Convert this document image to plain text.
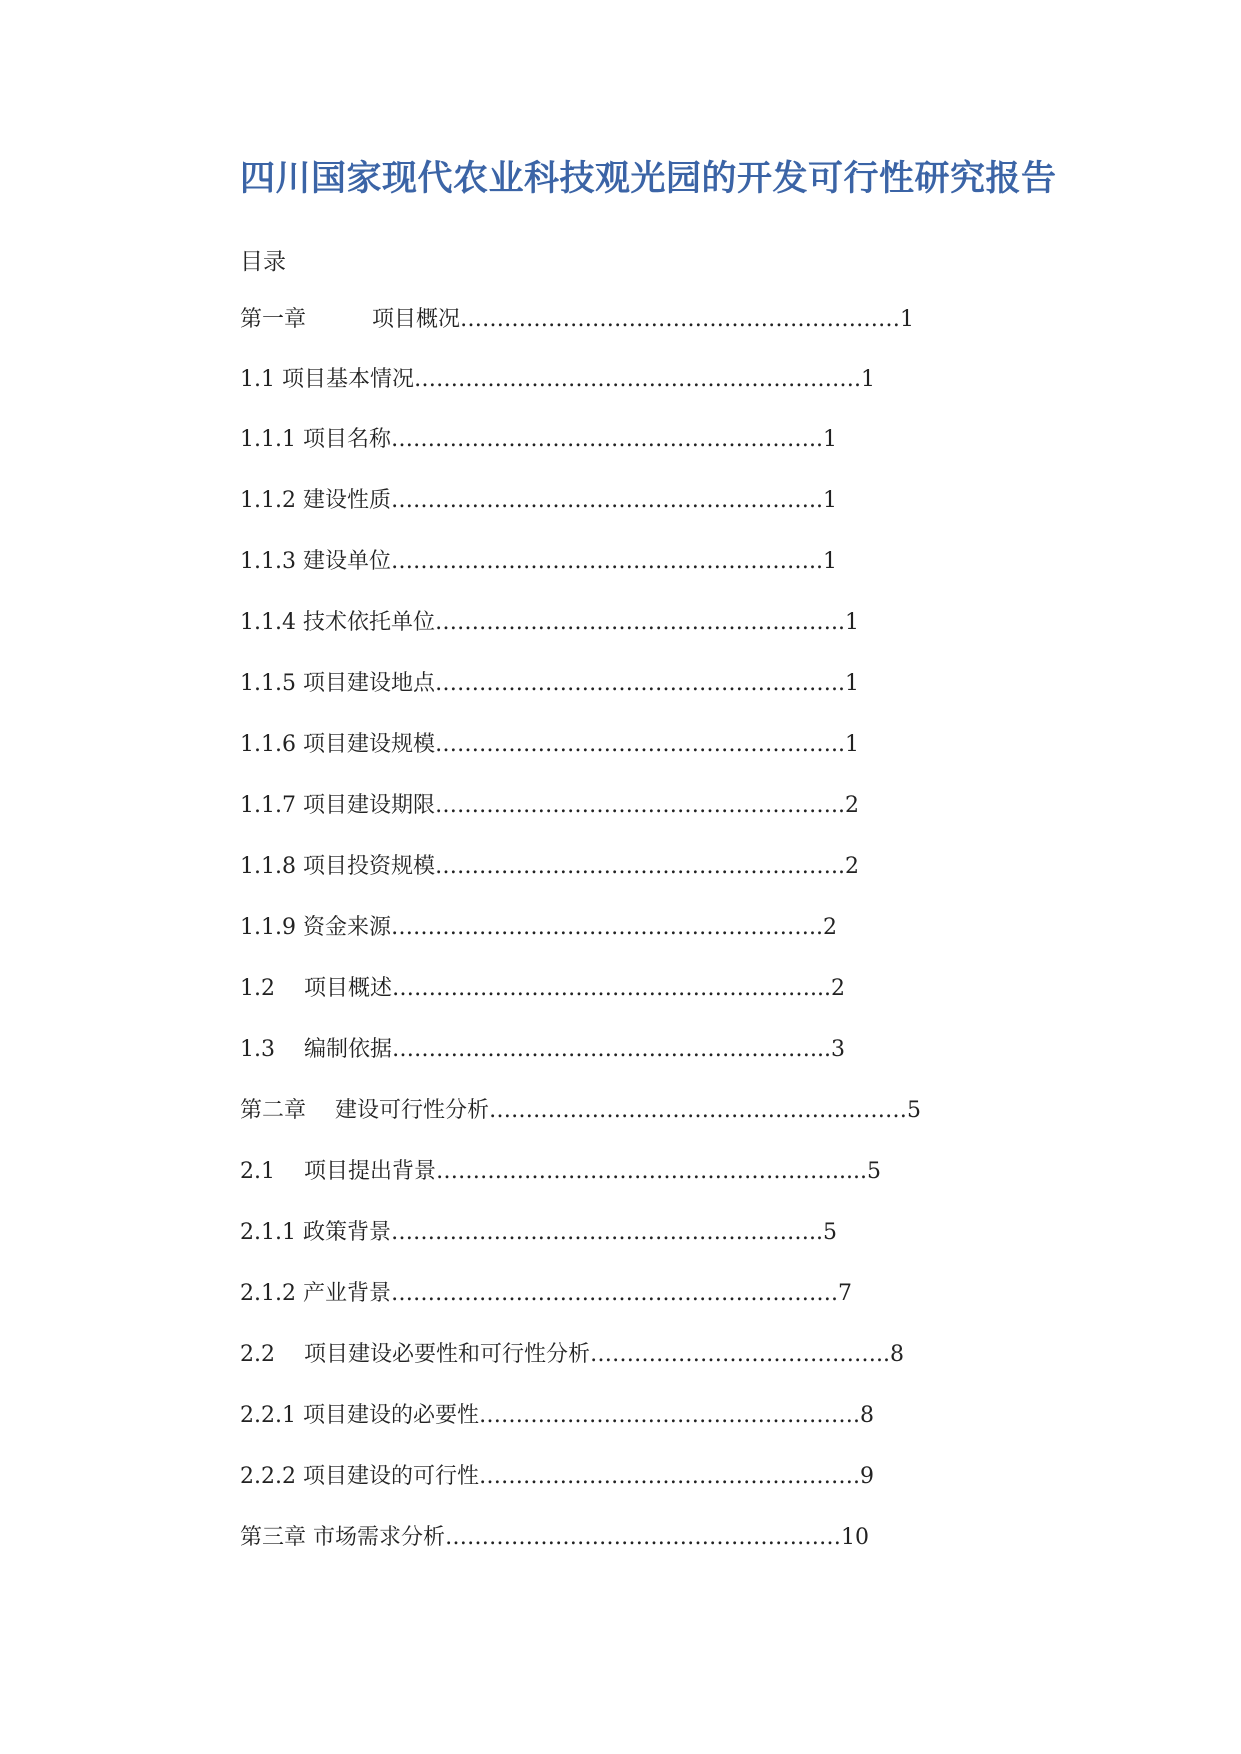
四川国家现代农业科技观光园的开发可行性研究报告
目录
第一章　　　项目概况……………………………………………………1
1.1 项目基本情况…………………………………………………….1
1.1.1 项目名称…………………………………………………..1
1.1.2 建设性质…………………………………………………..1
1.1.3 建设单位…………………………………………………..1
1.1.4 技术依托单位………………………………………………..1
1.1.5 项目建设地点………………………………………………..1
1.1.6 项目建设规模………………………………………………..1
1.1.7 项目建设期限………………………………………………..2
1.1.8 项目投资规模………………………………………………..2
1.1.9 资金来源…………………………………………………..2
1.2　 项目概述…………………………………………………...2
1.3　 编制依据…………………………………………………...3
第二章　 建设可行性分析…………………………………………………5
2.1　 项目提出背景……………………………………………….....5
2.1.1 政策背景…………………………………………………..5
2.1.2 产业背景…………………………………………………….7
2.2　 项目建设必要性和可行性分析…………………………………..8
2.2.1 项目建设的必要性…………………………………………….8
2.2.2 项目建设的可行性…………………………………………….9
第三章 市场需求分析………………………………………………10
